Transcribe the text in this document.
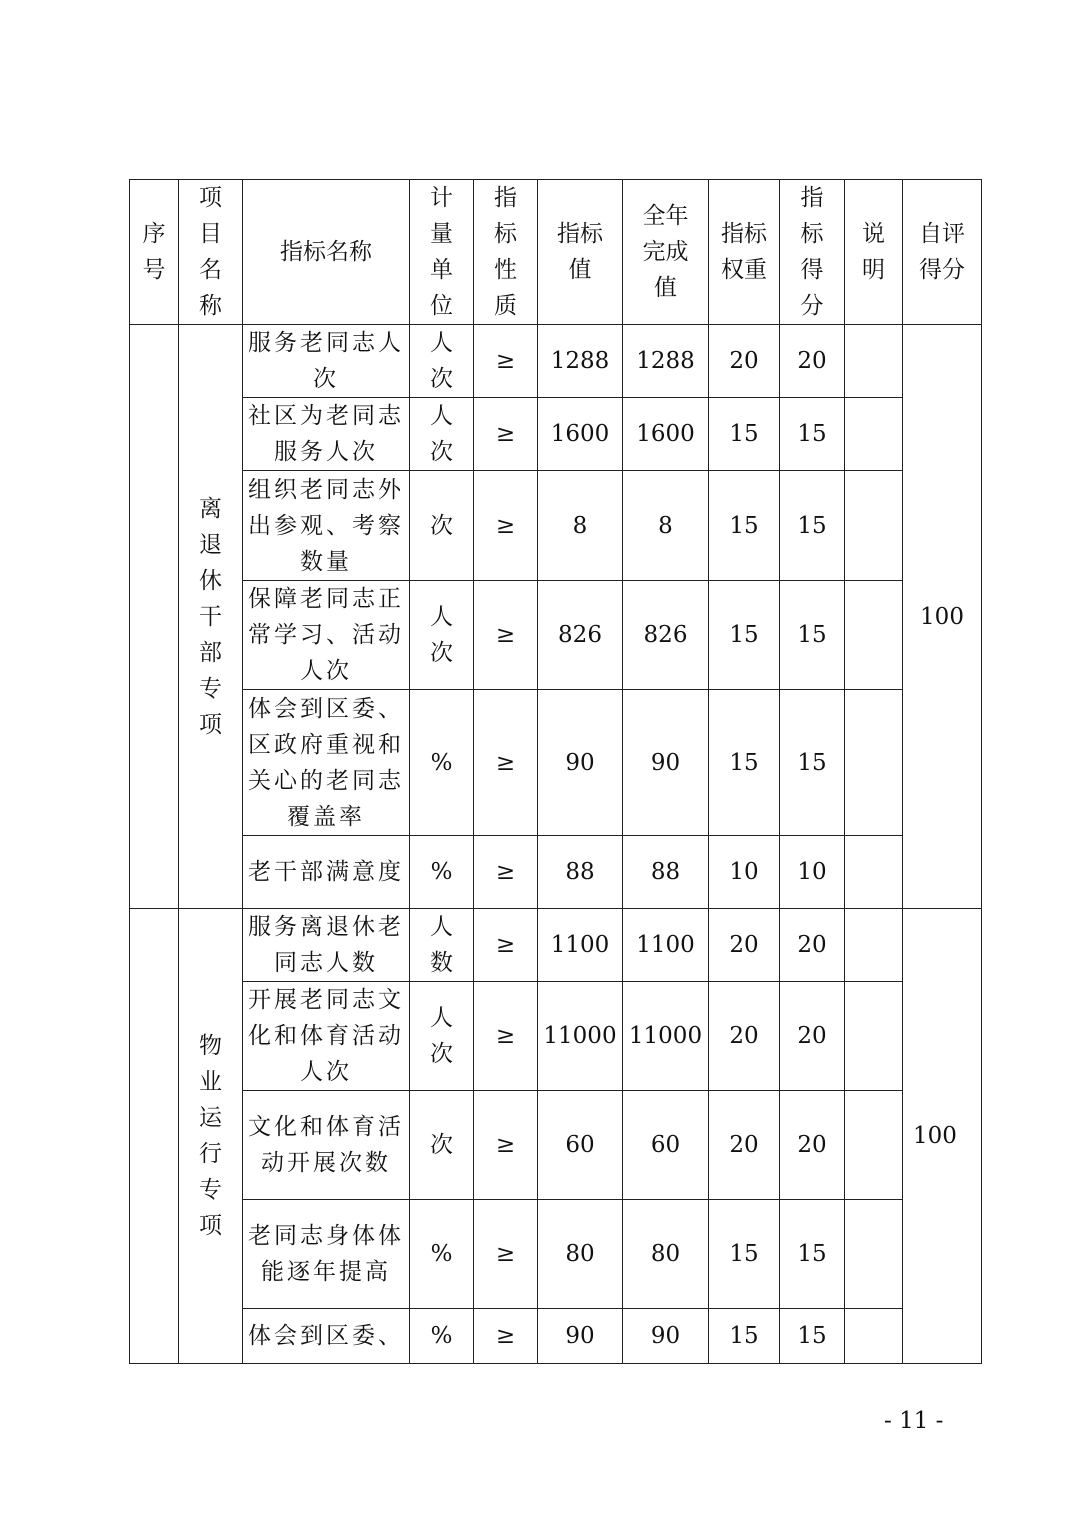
序号	项目名称	指标名称	计量单位	指标性质	指标值	全年完成值	指标权重	指标得分	说明	自评得分

	离退休干部专项	服务老同志人次	人次	≥	1288	1288	20	20		100
		社区为老同志服务人次	人次	≥	1600	1600	15	15		
		组织老同志外出参观、考察数量	次	≥	8	8	15	15		
		保障老同志正常学习、活动人次	人次	≥	826	826	15	15		
		体会到区委、区政府重视和关心的老同志覆盖率	%	≥	90	90	15	15		
		老干部满意度	%	≥	88	88	10	10		

	物业运行专项	服务离退休老同志人数	人数	≥	1100	1100	20	20		100
		开展老同志文化和体育活动人次	人次	≥	11000	11000	20	20		
		文化和体育活动开展次数	次	≥	60	60	20	20		
		老同志身体体能逐年提高	%	≥	80	80	15	15		
		体会到区委、	%	≥	90	90	15	15		
- 11 -
